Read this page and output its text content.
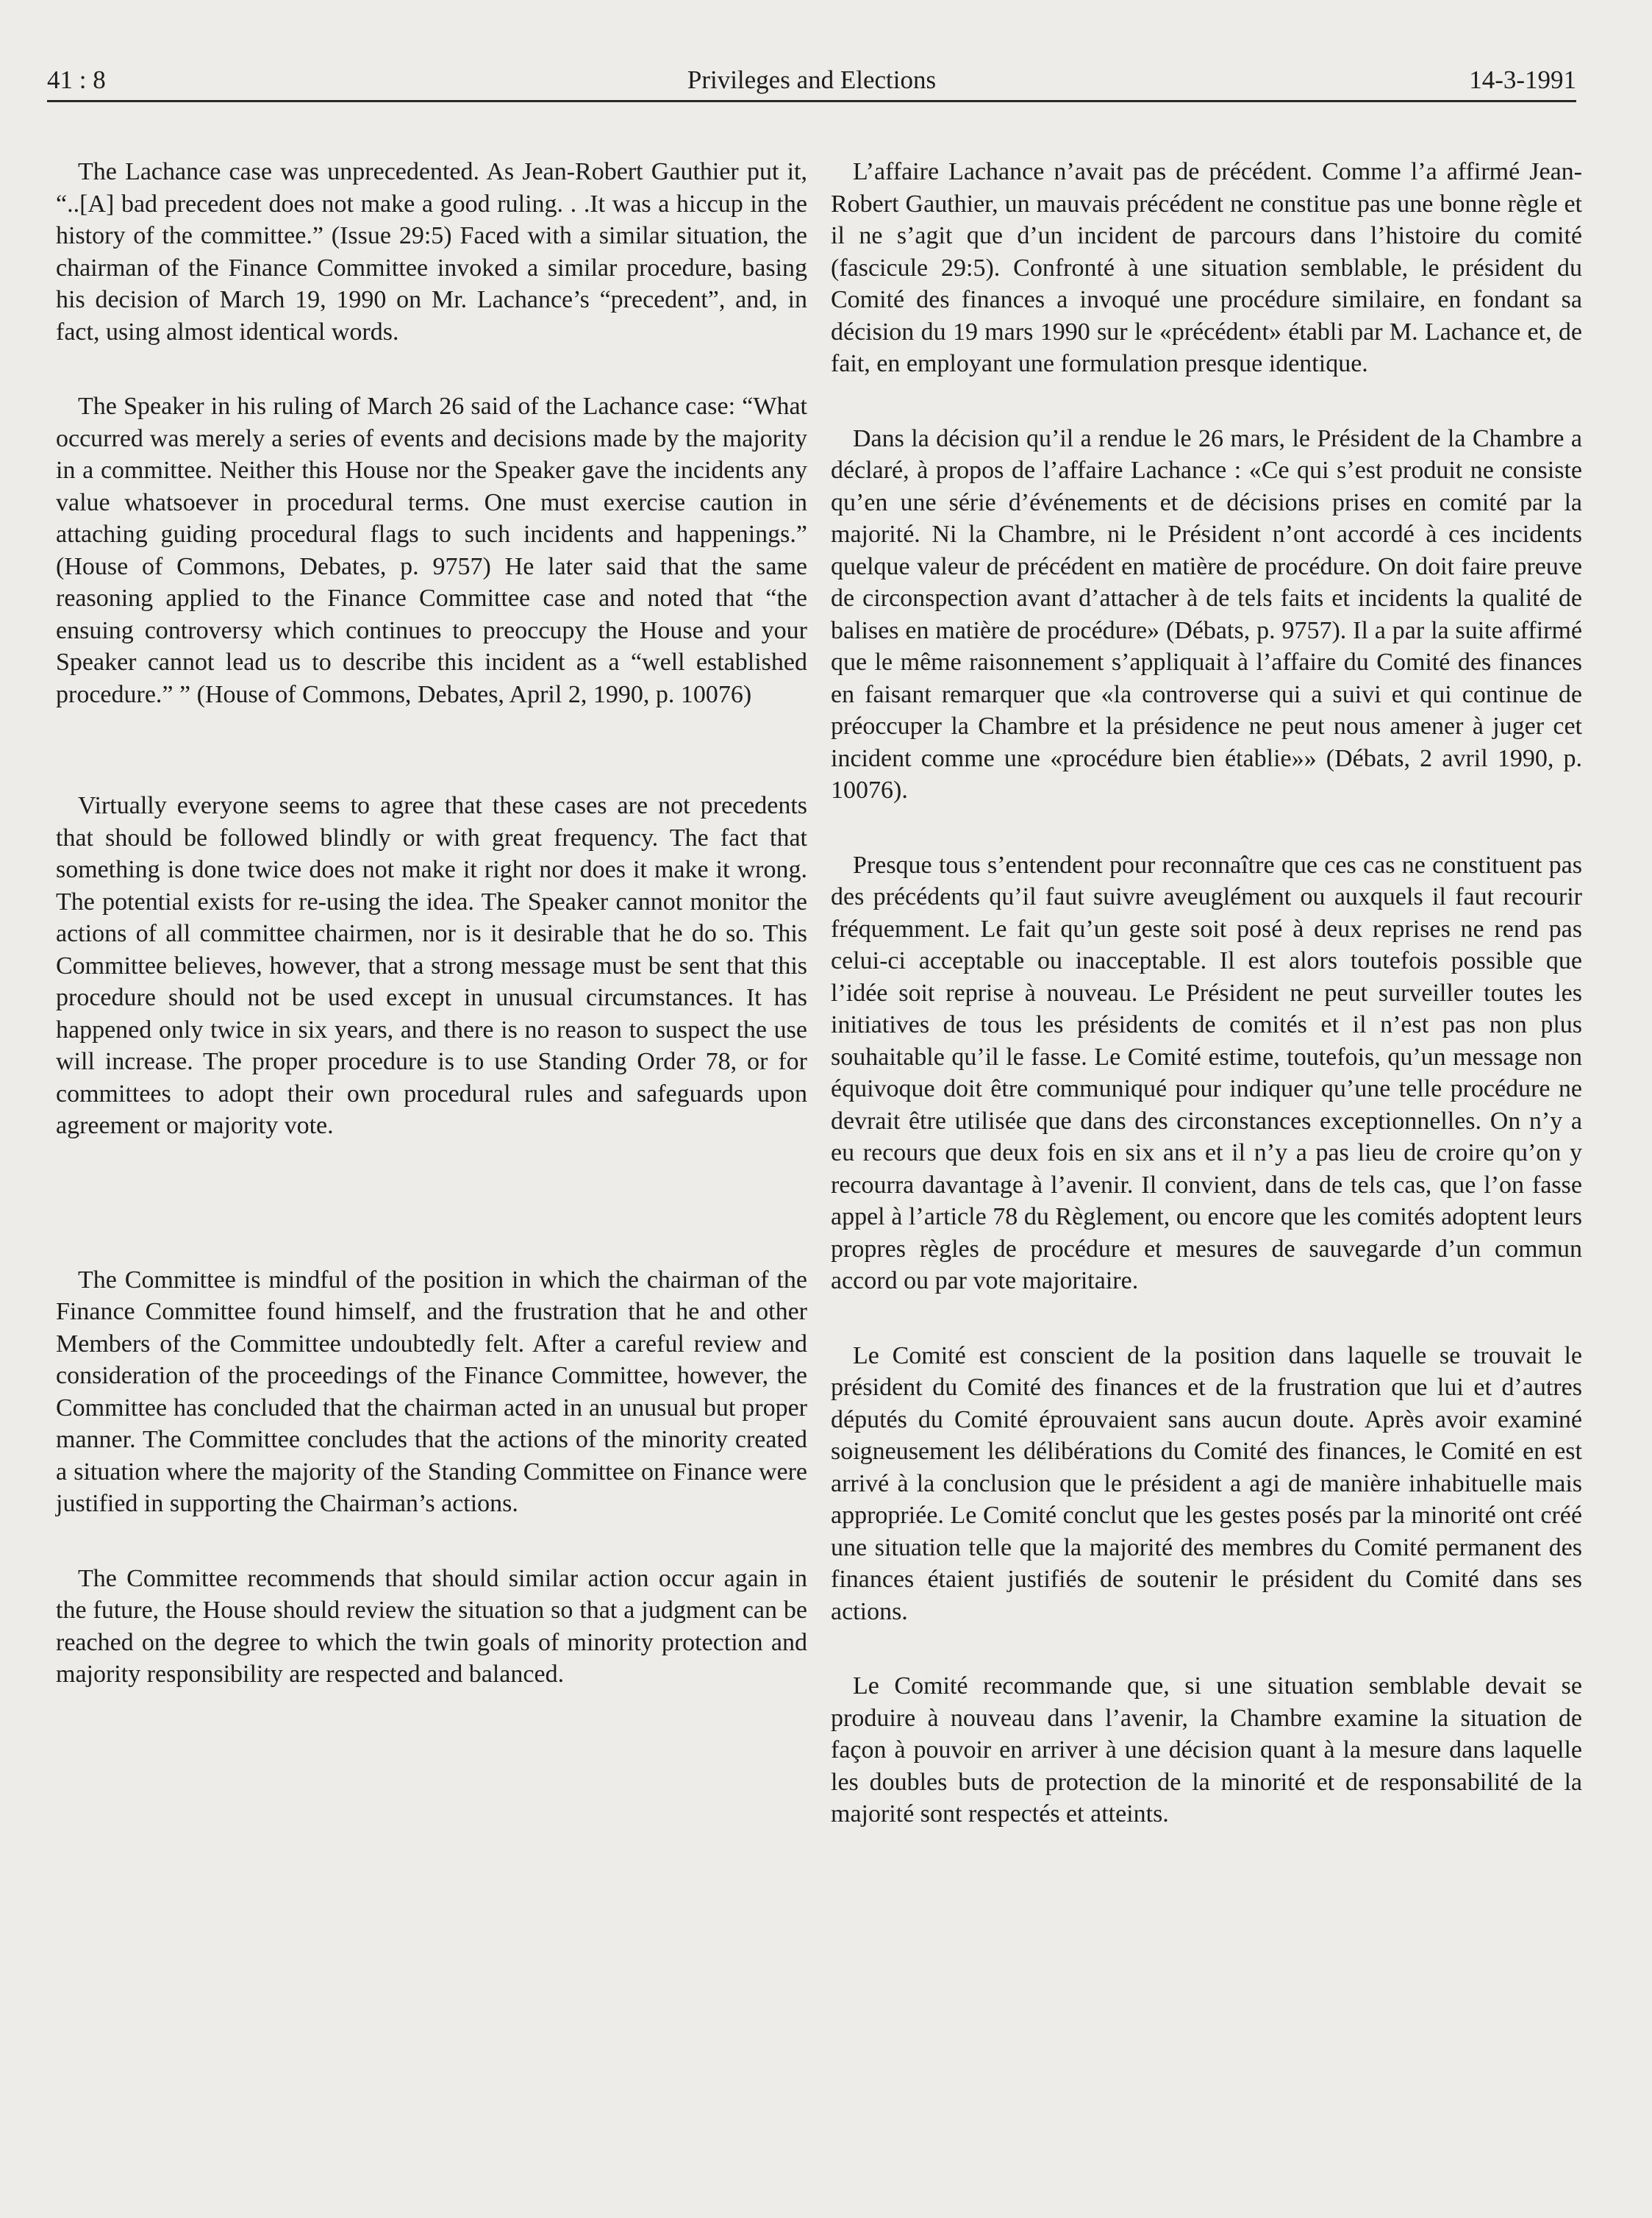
41 : 8	Privileges and Elections	14-3-1991

The Lachance case was unprecedented. As Jean-Robert Gauthier put it, “..[A] bad precedent does not make a good ruling. . .It was a hiccup in the history of the committee.” (Issue 29:5) Faced with a similar situation, the chairman of the Finance Committee invoked a similar procedure, basing his decision of March 19, 1990 on Mr. Lachance’s “precedent”, and, in fact, using almost identical words.

The Speaker in his ruling of March 26 said of the Lachance case: “What occurred was merely a series of events and decisions made by the majority in a committee. Neither this House nor the Speaker gave the incidents any value whatsoever in procedural terms. One must exercise caution in attaching guiding procedural flags to such incidents and happenings.” (House of Commons, Debates, p. 9757) He later said that the same reasoning applied to the Finance Committee case and noted that “the ensuing controversy which continues to preoccupy the House and your Speaker cannot lead us to describe this incident as a “well established procedure.” ” (House of Commons, Debates, April 2, 1990, p. 10076)

Virtually everyone seems to agree that these cases are not precedents that should be followed blindly or with great frequency. The fact that something is done twice does not make it right nor does it make it wrong. The potential exists for re-using the idea. The Speaker cannot monitor the actions of all committee chairmen, nor is it desirable that he do so. This Committee believes, however, that a strong message must be sent that this procedure should not be used except in unusual circumstances. It has happened only twice in six years, and there is no reason to suspect the use will increase. The proper procedure is to use Standing Order 78, or for committees to adopt their own procedural rules and safeguards upon agreement or majority vote.

The Committee is mindful of the position in which the chairman of the Finance Committee found himself, and the frustration that he and other Members of the Committee undoubtedly felt. After a careful review and consideration of the proceedings of the Finance Committee, however, the Committee has concluded that the chairman acted in an unusual but proper manner. The Committee concludes that the actions of the minority created a situation where the majority of the Standing Committee on Finance were justified in supporting the Chairman’s actions.

The Committee recommends that should similar action occur again in the future, the House should review the situation so that a judgment can be reached on the degree to which the twin goals of minority protection and majority responsibility are respected and balanced.

L’affaire Lachance n’avait pas de précédent. Comme l’a affirmé Jean-Robert Gauthier, un mauvais précédent ne constitue pas une bonne règle et il ne s’agit que d’un incident de parcours dans l’histoire du comité (fascicule 29:5). Confronté à une situation semblable, le président du Comité des finances a invoqué une procédure similaire, en fondant sa décision du 19 mars 1990 sur le «précédent» établi par M. Lachance et, de fait, en employant une formulation presque identique.

Dans la décision qu’il a rendue le 26 mars, le Président de la Chambre a déclaré, à propos de l’affaire Lachance : «Ce qui s’est produit ne consiste qu’en une série d’événements et de décisions prises en comité par la majorité. Ni la Chambre, ni le Président n’ont accordé à ces incidents quelque valeur de précédent en matière de procédure. On doit faire preuve de circonspection avant d’attacher à de tels faits et incidents la qualité de balises en matière de procédure» (Débats, p. 9757). Il a par la suite affirmé que le même raisonnement s’appliquait à l’affaire du Comité des finances en faisant remarquer que «la controverse qui a suivi et qui continue de préoccuper la Chambre et la présidence ne peut nous amener à juger cet incident comme une «procédure bien établie»» (Débats, 2 avril 1990, p. 10076).

Presque tous s’entendent pour reconnaître que ces cas ne constituent pas des précédents qu’il faut suivre aveuglément ou auxquels il faut recourir fréquemment. Le fait qu’un geste soit posé à deux reprises ne rend pas celui-ci acceptable ou inacceptable. Il est alors toutefois possible que l’idée soit reprise à nouveau. Le Président ne peut surveiller toutes les initiatives de tous les présidents de comités et il n’est pas non plus souhaitable qu’il le fasse. Le Comité estime, toutefois, qu’un message non équivoque doit être communiqué pour indiquer qu’une telle procédure ne devrait être utilisée que dans des circonstances exceptionnelles. On n’y a eu recours que deux fois en six ans et il n’y a pas lieu de croire qu’on y recourra davantage à l’avenir. Il convient, dans de tels cas, que l’on fasse appel à l’article 78 du Règlement, ou encore que les comités adoptent leurs propres règles de procédure et mesures de sauvegarde d’un commun accord ou par vote majoritaire.

Le Comité est conscient de la position dans laquelle se trouvait le président du Comité des finances et de la frustration que lui et d’autres députés du Comité éprouvaient sans aucun doute. Après avoir examiné soigneusement les délibérations du Comité des finances, le Comité en est arrivé à la conclusion que le président a agi de manière inhabituelle mais appropriée. Le Comité conclut que les gestes posés par la minorité ont créé une situation telle que la majorité des membres du Comité permanent des finances étaient justifiés de soutenir le président du Comité dans ses actions.

Le Comité recommande que, si une situation semblable devait se produire à nouveau dans l’avenir, la Chambre examine la situation de façon à pouvoir en arriver à une décision quant à la mesure dans laquelle les doubles buts de protection de la minorité et de responsabilité de la majorité sont respectés et atteints.
